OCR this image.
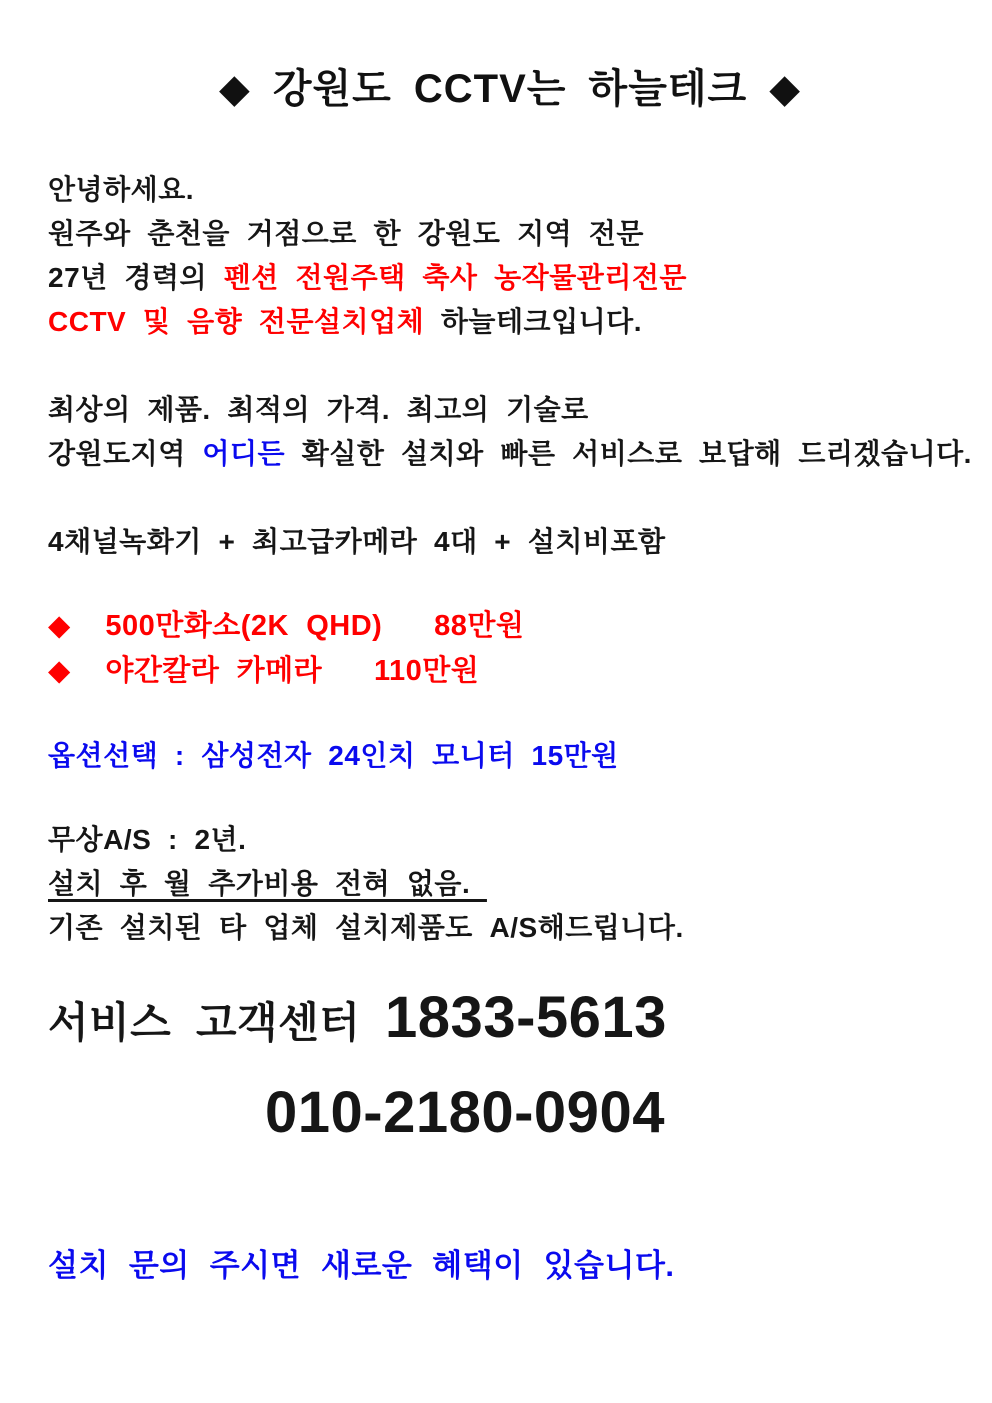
◆ 강원도 CCTV는 하늘테크 ◆
안녕하세요.
원주와 춘천을 거점으로 한 강원도 지역 전문
27년 경력의 펜션 전원주택 축사 농작물관리전문
CCTV 및 음향 전문설치업체 하늘테크입니다.
최상의 제품. 최적의 가격. 최고의 기술로
강원도지역 어디든 확실한 설치와 빠른 서비스로 보답해 드리겠습니다.
4채널녹화기 + 최고급카메라 4대 + 설치비포함
◆  500만화소(2K QHD)   88만원
◆  야간칼라 카메라   110만원
옵션선택 : 삼성전자 24인치 모니터 15만원
무상A/S : 2년.
설치 후 월 추가비용 전혀 없음.
기존 설치된 타 업체 설치제품도 A/S해드립니다.
서비스 고객센터 1833-5613
010-2180-0904
설치 문의 주시면 새로운 혜택이 있습니다.
